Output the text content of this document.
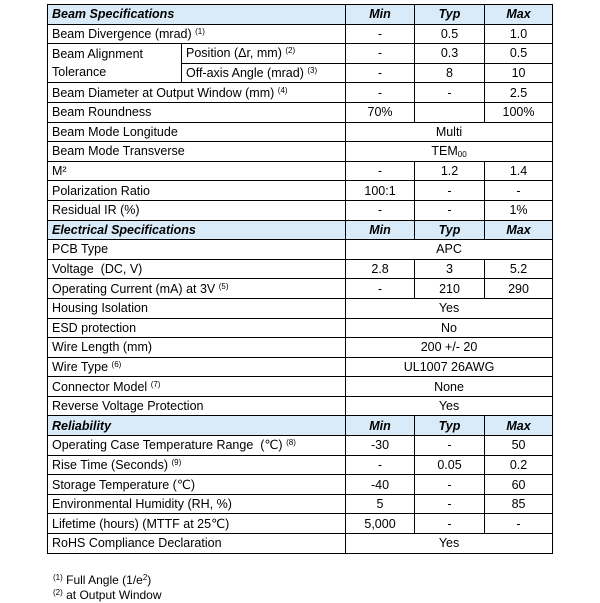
Beam Specifications		Min	Typ	Max
Beam Divergence (mrad) $^{(1)}$		-	0.5	1.0
Beam Alignment Tolerance	Position (Δr, mm) $^{(2)}$	-	0.3	0.5
	Off-axis Angle (mrad) $^{(3)}$	-	8	10
Beam Diameter at Output Window (mm) $^{(4)}$		-	-	2.5
Beam Roundness		70%		100%
Beam Mode Longitude		Multi		
Beam Mode Transverse		$TEM_{00}$
M²		-	1.2	1.4
Polarization Ratio		100:1	-	-
Residual IR (%)		-	-	1%
Electrical Specifications		Min	Typ	Max
PCB Type		APC		
Voltage  (DC, V)		2.8	3	5.2
Operating Current (mA) at 3V $^{(5)}$		-	210	290
Housing Isolation		Yes		
ESD protection		No		
Wire Length (mm)		200 +/- 20		
Wire Type $^{(6)}$		UL1007 26AWG		
Connector Model $^{(7)}$		None		
Reverse Voltage Protection		Yes		
Reliability		Min	Typ	Max
Operating Case Temperature Range  (℃) $^{(8)}$		-30	-	50
Rise Time (Seconds) $^{(9)}$		-	0.05	0.2
Storage Temperature (℃)		-40	-	60
Environmental Humidity (RH, %)		5	-	85
Lifetime (hours) (MTTF at 25℃)		5,000	-	-
RoHS Compliance Declaration		Yes		
$^{(1)}$ Full Angle $(1/e^2)$
$^{(2)}$ at Output Window
